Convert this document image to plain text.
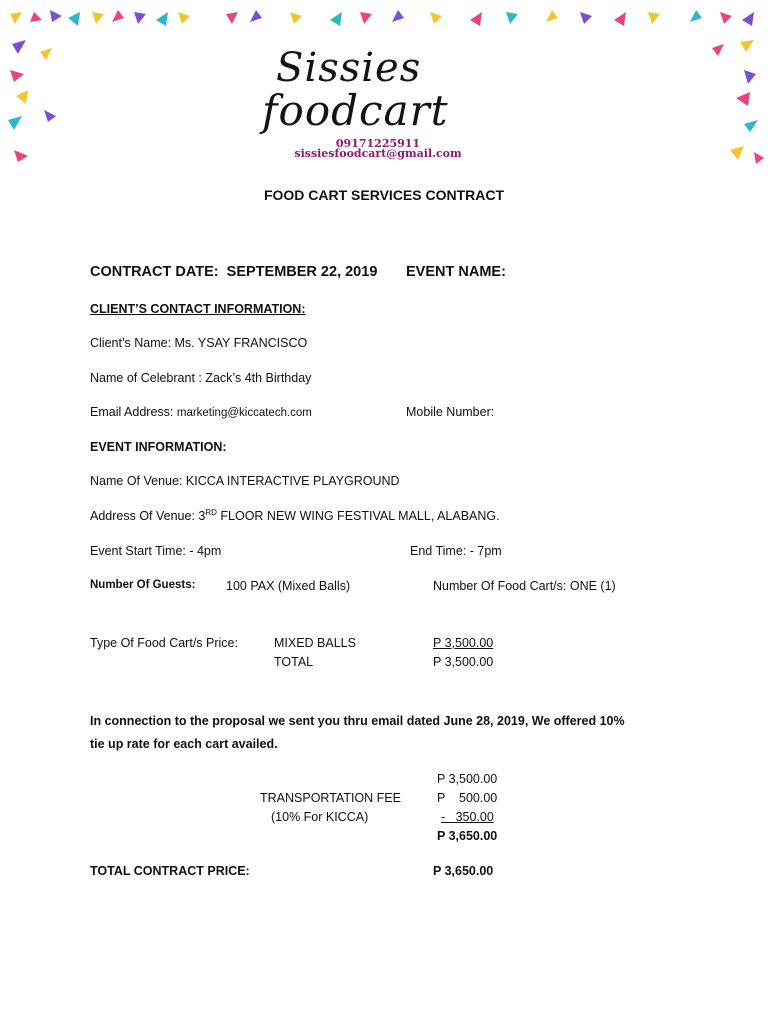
Sissies
foodcart
09171225911
sissiesfoodcart@gmail.com
FOOD CART SERVICES CONTRACT
CONTRACT DATE: SEPTEMBER 22, 2019 EVENT NAME:
CLIENT’S CONTACT INFORMATION:
Client’s Name: Ms. YSAY FRANCISCO
Name of Celebrant : Zack’s 4th Birthday
Email Address: marketing@kiccatech.com	Mobile Number:
EVENT INFORMATION:
Name Of Venue: KICCA INTERACTIVE PLAYGROUND
Address Of Venue: 3RD FLOOR NEW WING FESTIVAL MALL, ALABANG.
Event Start Time: - 4pm	End Time: - 7pm
Number Of Guests: 100 PAX (Mixed Balls)	Number Of Food Cart/s: ONE (1)
Type Of Food Cart/s Price:	MIXED BALLS	P 3,500.00
TOTAL	P 3,500.00
In connection to the proposal we sent you thru email dated June 28, 2019, We offered 10%
tie up rate for each cart availed.
P 3,500.00
TRANSPORTATION FEE	P    500.00
(10% For KICCA)	-   350.00
P 3,650.00
TOTAL CONTRACT PRICE:	P 3,650.00
